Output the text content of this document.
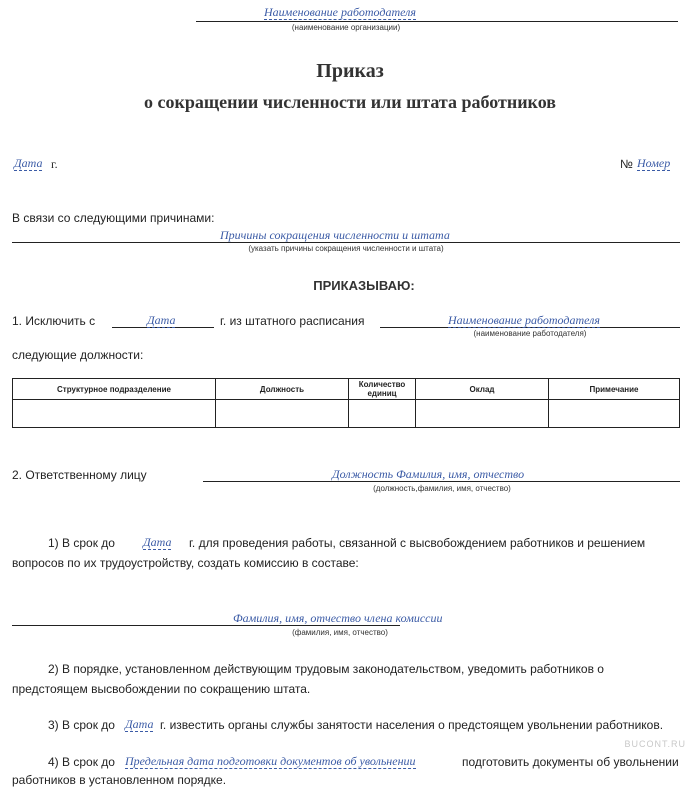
Наименование работодателя
(наименование организации)
Приказ
о сокращении численности или штата работников
Дата г.	№ Номер
В связи со следующими причинами:
Причины сокращения численности и штата
(указать причины сокращения численности и штата)
ПРИКАЗЫВАЮ:
1. Исключить с	Дата	г. из штатного расписания	Наименование работодателя
(наименование работодателя)
следующие должности:
Структурное подразделение	Должность	Количество единиц	Оклад	Примечание

2. Ответственному лицу	Должность Фамилия, имя, отчество
(должность,фамилия, имя, отчество)
1) В срок до Дата г. для проведения работы, связанной с высвобождением работников и решением
вопросов по их трудоустройству, создать комиссию в составе:
Фамилия, имя, отчество члена комиссии
(фамилия, имя, отчество)
2) В порядке, установленном действующим трудовым законодательством, уведомить работников о
предстоящем высвобождении по сокращению штата.
3) В срок до Дата г. известить органы службы занятости населения о предстоящем увольнении работников.
4) В срок до Предельная дата подготовки документов об увольнении	подготовить документы об увольнении
работников в установленном порядке.
BUCONT.RU
